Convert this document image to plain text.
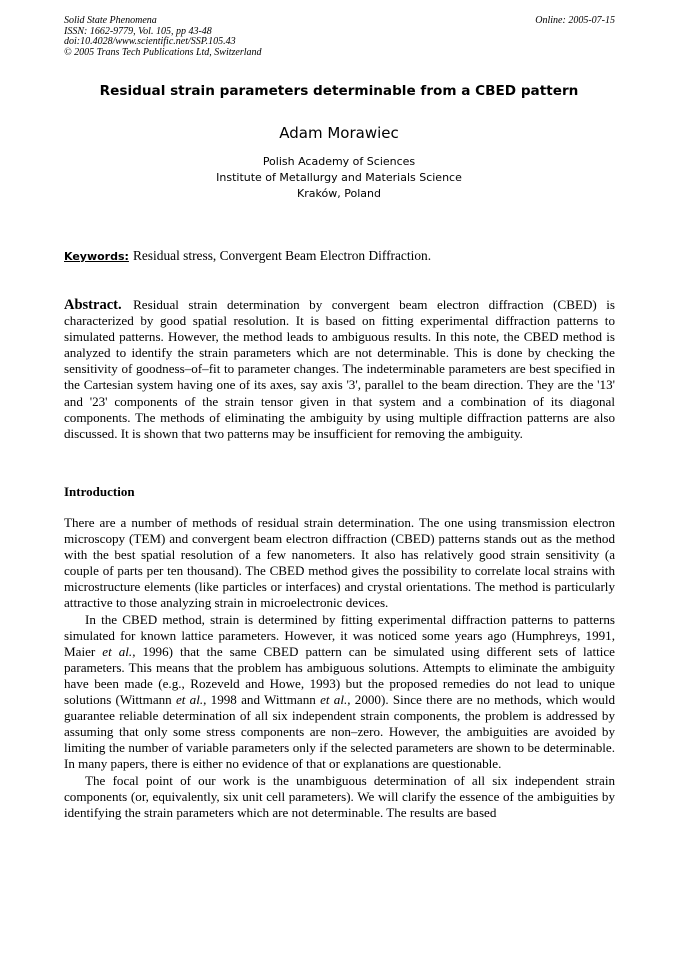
Solid State Phenomena
ISSN: 1662-9779, Vol. 105, pp 43-48
doi:10.4028/www.scientific.net/SSP.105.43
© 2005 Trans Tech Publications Ltd, Switzerland
Online: 2005-07-15
Residual strain parameters determinable from a CBED pattern
Adam Morawiec
Polish Academy of Sciences
Institute of Metallurgy and Materials Science
Kraków, Poland
Keywords: Residual stress, Convergent Beam Electron Diffraction.
Abstract. Residual strain determination by convergent beam electron diffraction (CBED) is characterized by good spatial resolution. It is based on fitting experimental diffraction patterns to simulated patterns. However, the method leads to ambiguous results. In this note, the CBED method is analyzed to identify the strain parameters which are not determinable. This is done by checking the sensitivity of goodness–of–fit to parameter changes. The indeterminable parameters are best specified in the Cartesian system having one of its axes, say axis '3', parallel to the beam direction. They are the '13' and '23' components of the strain tensor given in that system and a combination of its diagonal components. The methods of eliminating the ambiguity by using multiple diffraction patterns are also discussed. It is shown that two patterns may be insufficient for removing the ambiguity.
Introduction

There are a number of methods of residual strain determination. The one using transmission electron microscopy (TEM) and convergent beam electron diffraction (CBED) patterns stands out as the method with the best spatial resolution of a few nanometers. It also has relatively good strain sensitivity (a couple of parts per ten thousand). The CBED method gives the possibility to correlate local strains with microstructure elements (like particles or interfaces) and crystal orientations. The method is particularly attractive to those analyzing strain in microelectronic devices.

In the CBED method, strain is determined by fitting experimental diffraction patterns to patterns simulated for known lattice parameters. However, it was noticed some years ago (Humphreys, 1991, Maier et al., 1996) that the same CBED pattern can be simulated using different sets of lattice parameters. This means that the problem has ambiguous solutions. Attempts to eliminate the ambiguity have been made (e.g., Rozeveld and Howe, 1993) but the proposed remedies do not lead to unique solutions (Wittmann et al., 1998 and Wittmann et al., 2000). Since there are no methods, which would guarantee reliable determination of all six independent strain components, the problem is addressed by assuming that only some stress components are non–zero. However, the ambiguities are avoided by limiting the number of variable parameters only if the selected parameters are shown to be determinable. In many papers, there is either no evidence of that or explanations are questionable.

The focal point of our work is the unambiguous determination of all six independent strain components (or, equivalently, six unit cell parameters). We will clarify the essence of the ambiguities by identifying the strain parameters which are not determinable. The results are based
